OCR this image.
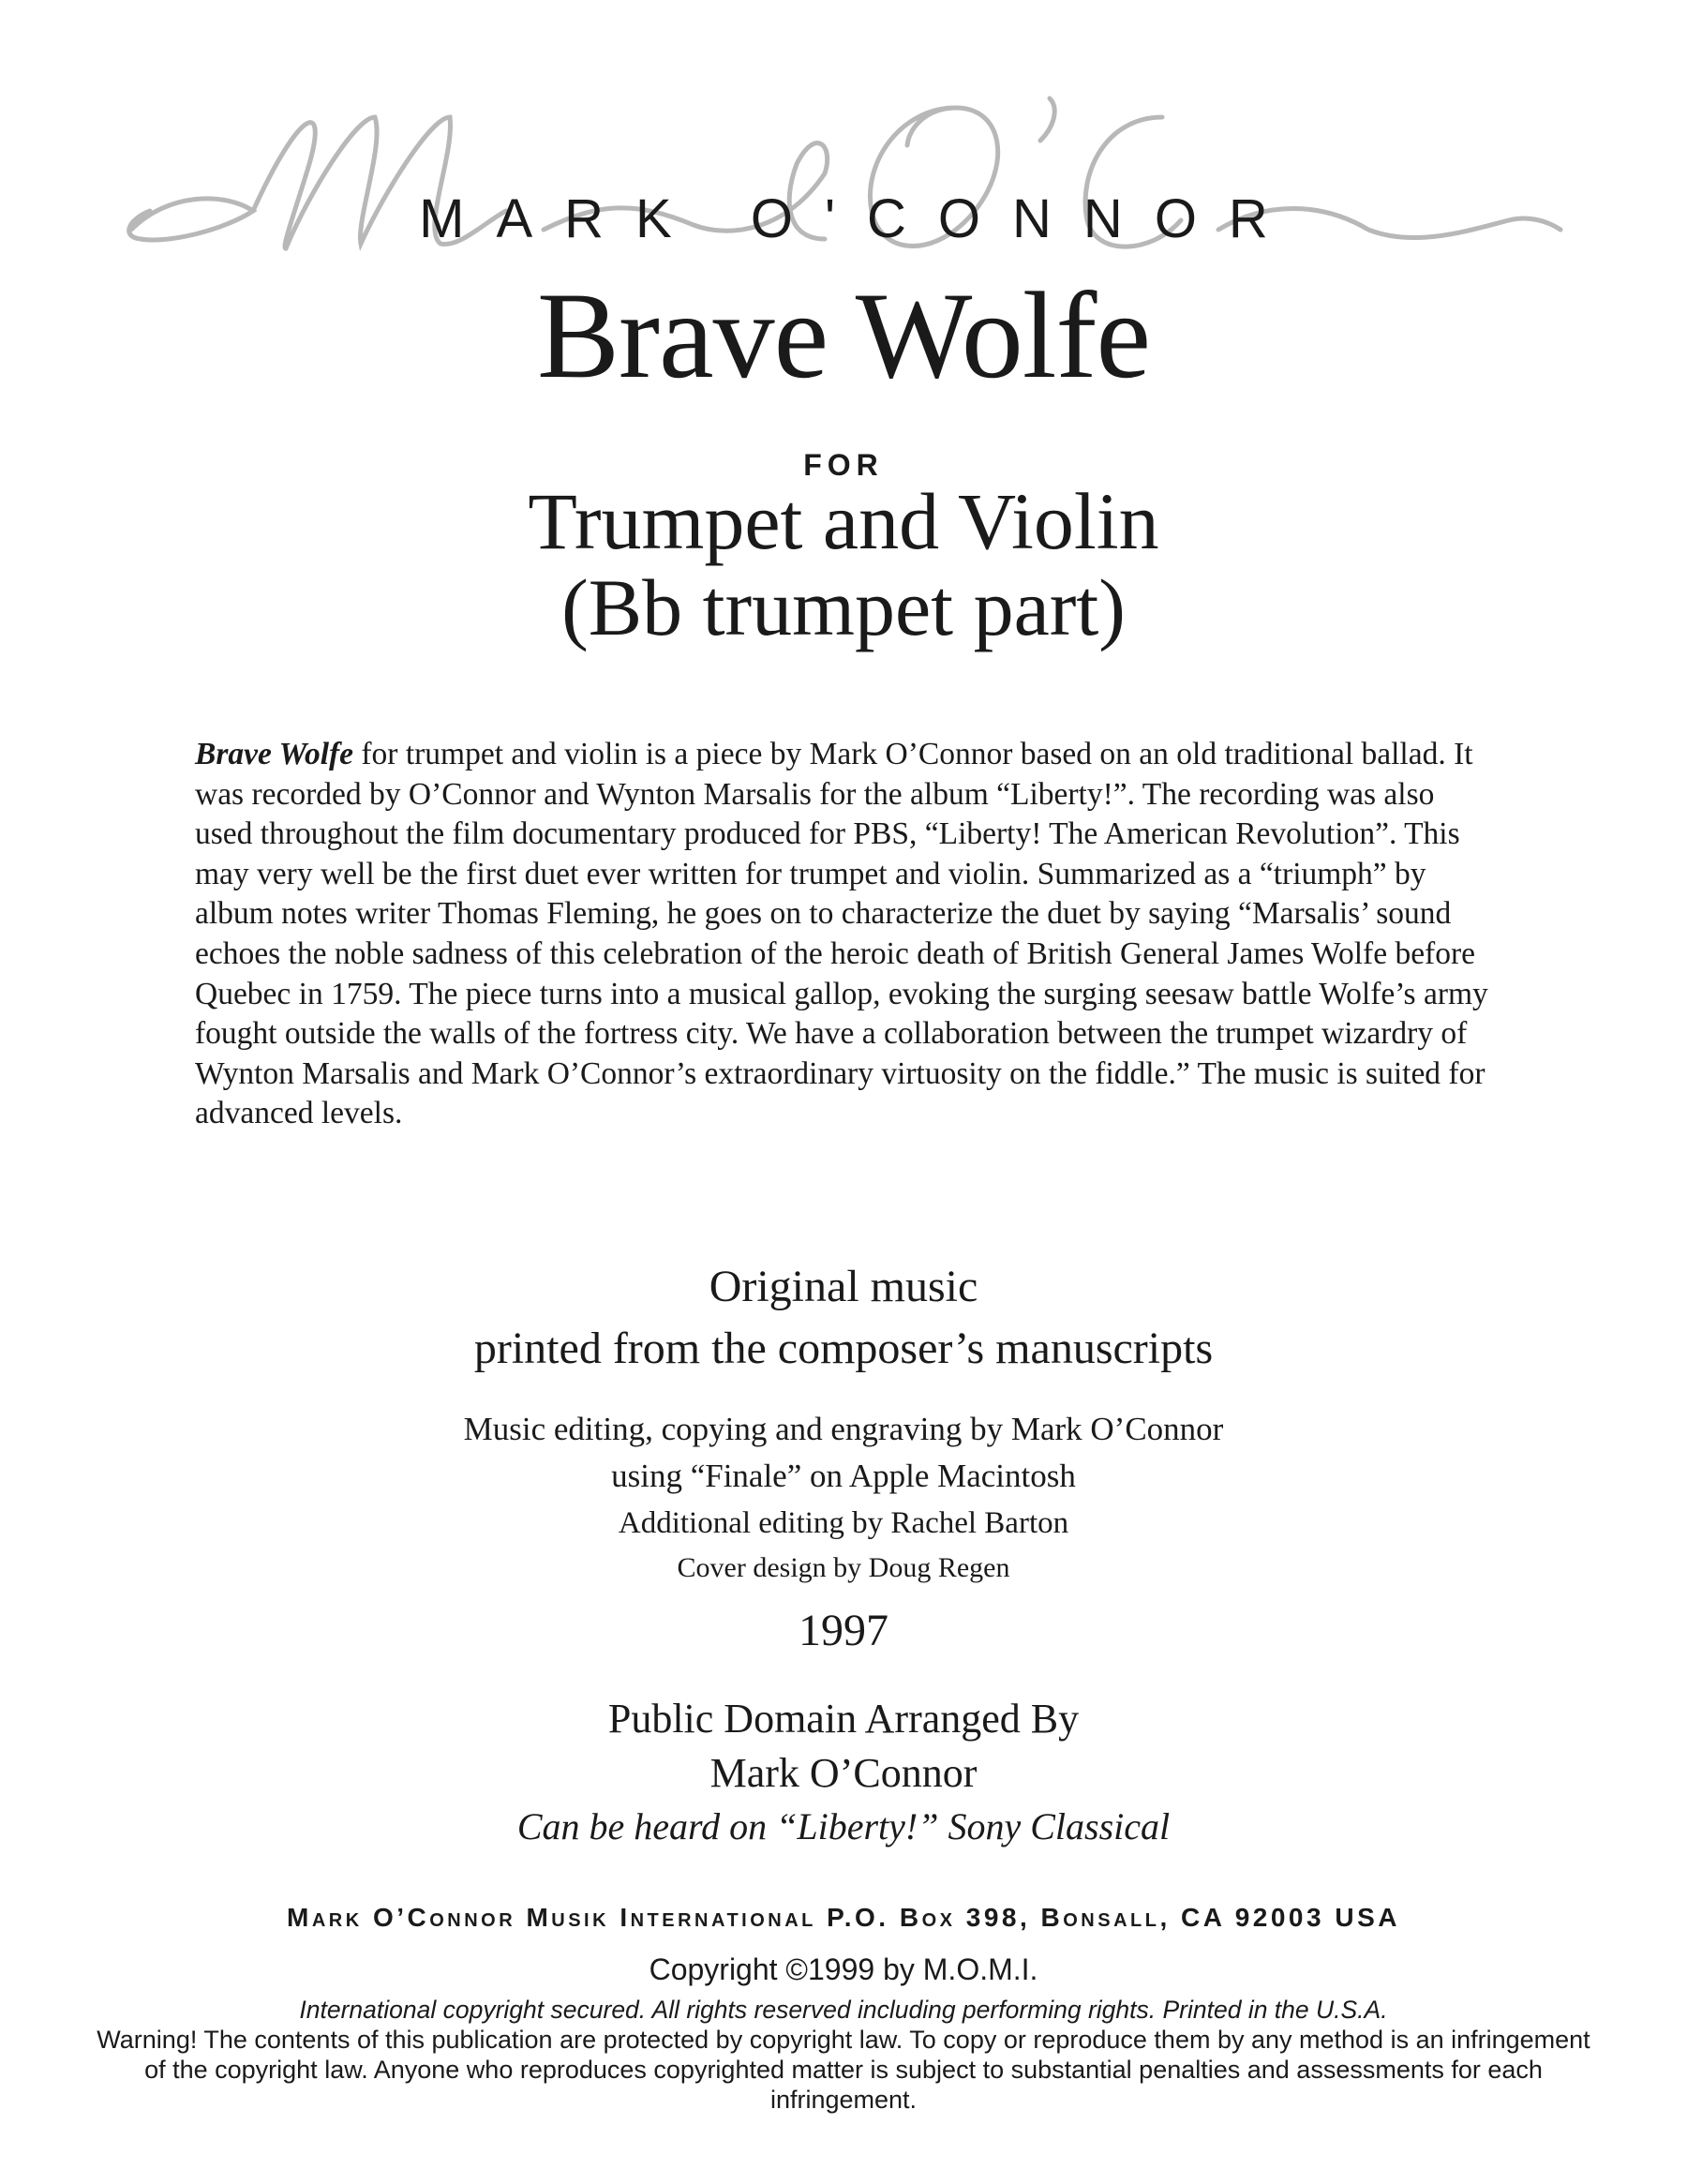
MARK O'CONNOR
Brave Wolfe
FOR
Trumpet and Violin
(Bb trumpet part)

Brave Wolfe for trumpet and violin is a piece by Mark O’Connor based on an old traditional ballad. It was recorded by O’Connor and Wynton Marsalis for the album “Liberty!”. The recording was also used throughout the film documentary produced for PBS, “Liberty! The American Revolution”. This may very well be the first duet ever written for trumpet and violin. Summarized as a “triumph” by album notes writer Thomas Fleming, he goes on to characterize the duet by saying “Marsalis’ sound echoes the noble sadness of this celebration of the heroic death of British General James Wolfe before Quebec in 1759. The piece turns into a musical gallop, evoking the surging seesaw battle Wolfe’s army fought outside the walls of the fortress city. We have a collaboration between the trumpet wizardry of Wynton Marsalis and Mark O’Connor’s extraordinary virtuosity on the fiddle.” The music is suited for advanced levels.

Original music
printed from the composer’s manuscripts
Music editing, copying and engraving by Mark O’Connor
using “Finale” on Apple Macintosh
Additional editing by Rachel Barton
Cover design by Doug Regen
1997
Public Domain Arranged By
Mark O’Connor
Can be heard on “Liberty!” Sony Classical
Mark O’Connor Musik International P.O. Box 398, Bonsall, CA 92003 USA
Copyright ©1999 by M.O.M.I.
International copyright secured. All rights reserved including performing rights. Printed in the U.S.A.

Warning! The contents of this publication are protected by copyright law. To copy or reproduce them by any method is an infringement of the copyright law. Anyone who reproduces copyrighted matter is subject to substantial penalties and assessments for each infringement.
